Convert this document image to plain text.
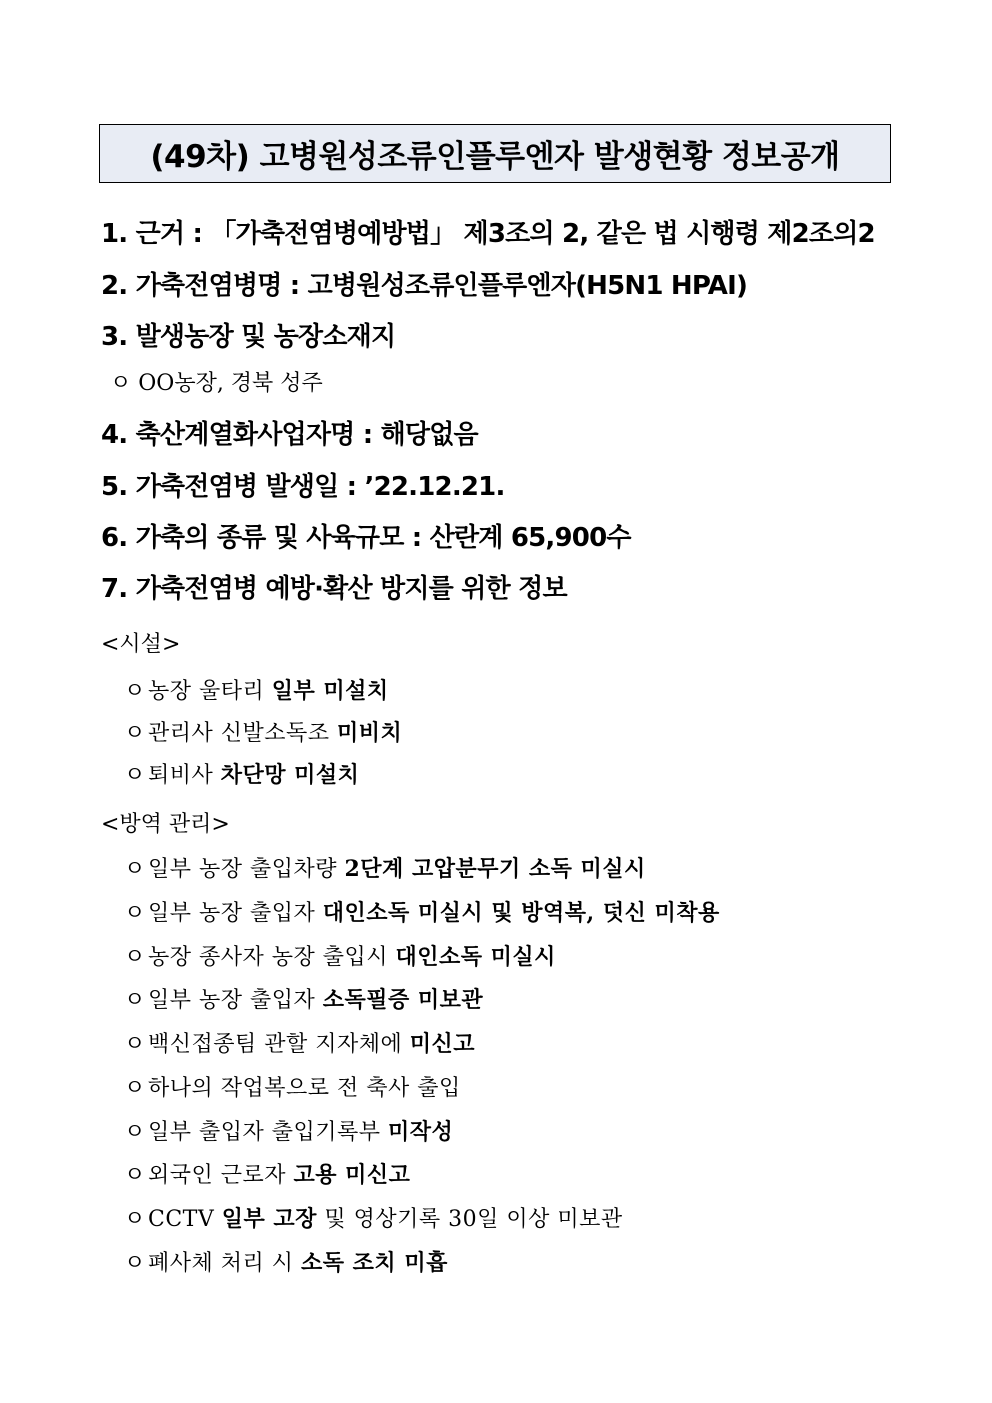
(49차) 고병원성조류인플루엔자 발생현황 정보공개
1. 근거 : 「가축전염병예방법」 제3조의 2, 같은 법 시행령 제2조의2
2. 가축전염병명 : 고병원성조류인플루엔자(H5N1 HPAI)
3. 발생농장 및 농장소재지
ㅇ OO농장, 경북 성주
4. 축산계열화사업자명 : 해당없음
5. 가축전염병 발생일 : ’22.12.21.
6. 가축의 종류 및 사육규모 : 산란계 65,900수
7. 가축전염병 예방·확산 방지를 위한 정보
<시설>
ㅇ 농장 울타리 일부 미설치
ㅇ 관리사 신발소독조 미비치
ㅇ 퇴비사 차단망 미설치
<방역 관리>
ㅇ 일부 농장 출입차량 2단계 고압분무기 소독 미실시
ㅇ 일부 농장 출입자 대인소독 미실시 및 방역복, 덧신 미착용
ㅇ 농장 종사자 농장 출입시 대인소독 미실시
ㅇ 일부 농장 출입자 소독필증 미보관
ㅇ 백신접종팀 관할 지자체에 미신고
ㅇ 하나의 작업복으로 전 축사 출입
ㅇ 일부 출입자 출입기록부 미작성
ㅇ 외국인 근로자 고용 미신고
ㅇ CCTV 일부 고장 및 영상기록 30일 이상 미보관
ㅇ 폐사체 처리 시 소독 조치 미흡
